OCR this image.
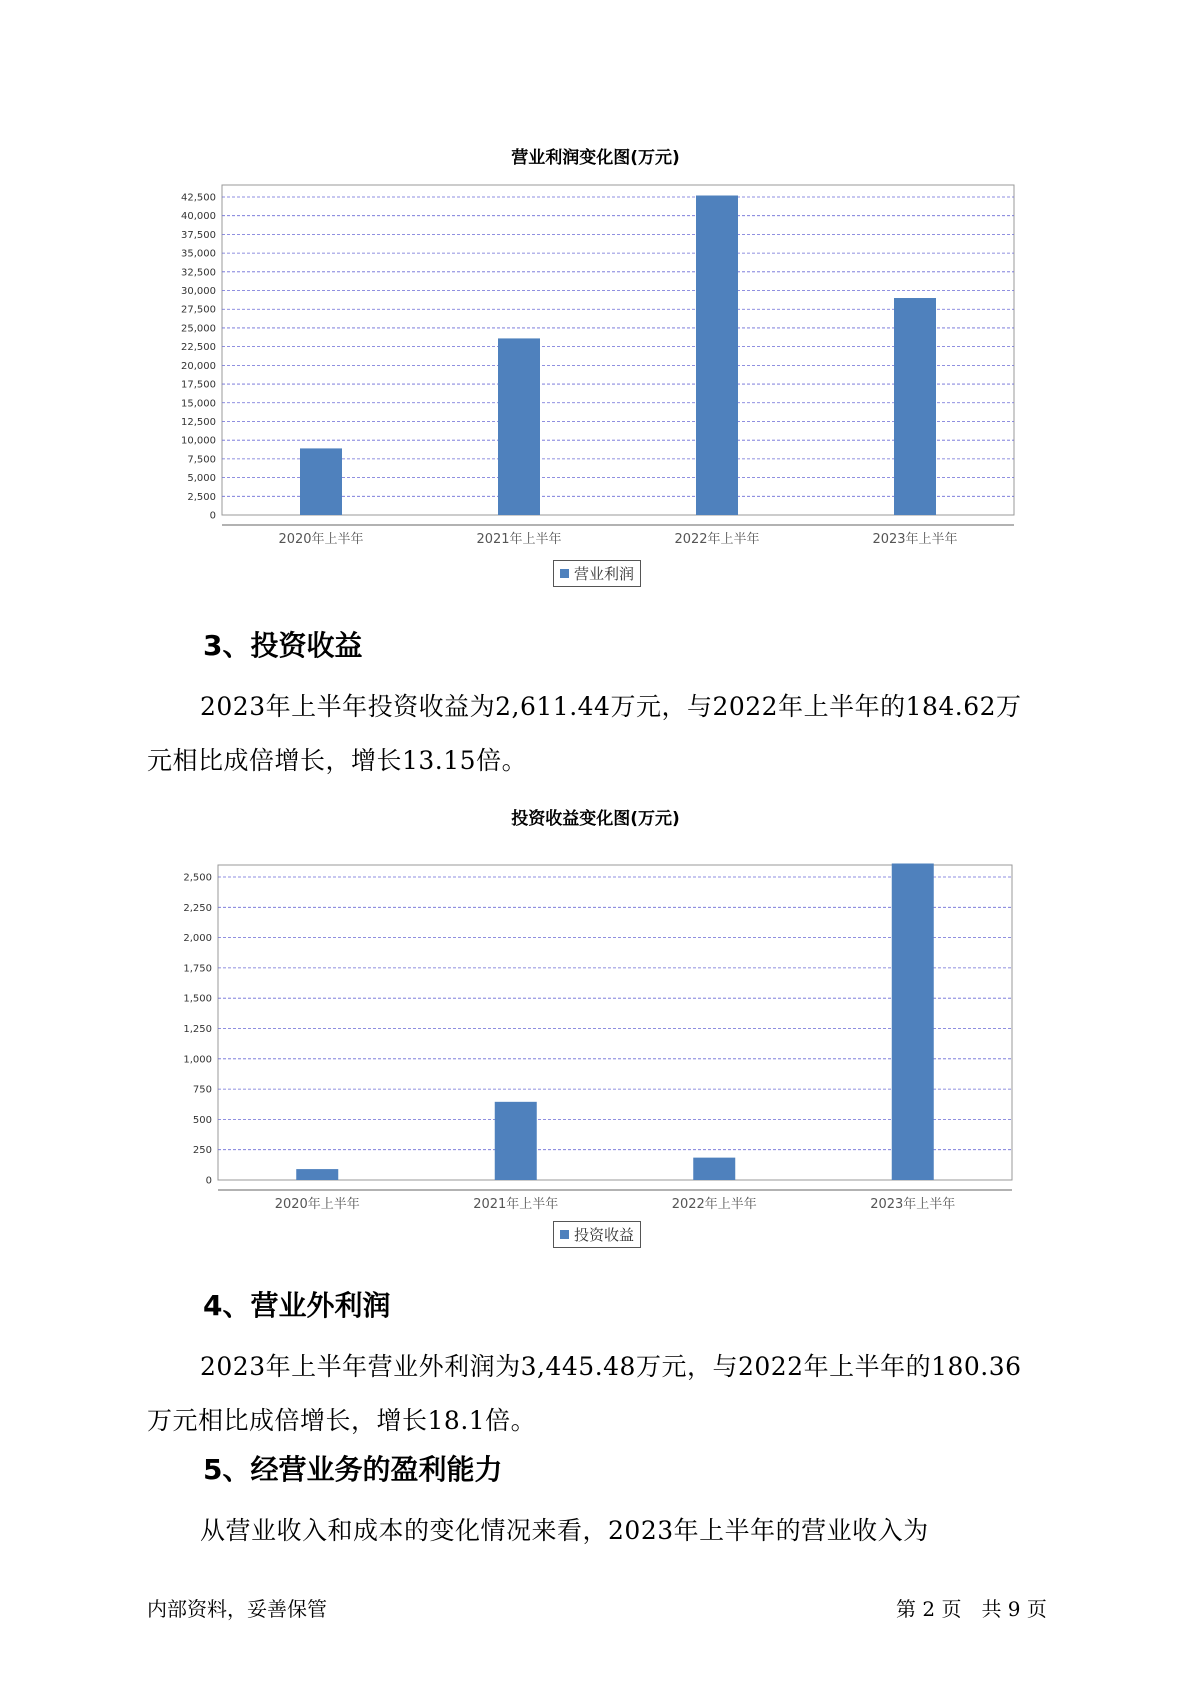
营业利润变化图(万元)
0
2,500
5,000
7,500
10,000
12,500
15,000
17,500
20,000
22,500
25,000
27,500
30,000
32,500
35,000
37,500
40,000
42,500
2020年上半年	2021年上半年	2022年上半年	2023年上半年
营业利润
3、投资收益
2023年上半年投资收益为2,611.44万元，与2022年上半年的184.62万
元相比成倍增长，增长13.15倍。
投资收益变化图(万元)
0
250
500
750
1,000
1,250
1,500
1,750
2,000
2,250
2,500
2020年上半年	2021年上半年	2022年上半年	2023年上半年
投资收益
4、营业外利润
2023年上半年营业外利润为3,445.48万元，与2022年上半年的180.36
万元相比成倍增长，增长18.1倍。
5、经营业务的盈利能力
从营业收入和成本的变化情况来看，2023年上半年的营业收入为
内部资料，妥善保管	第 2 页　共 9 页
